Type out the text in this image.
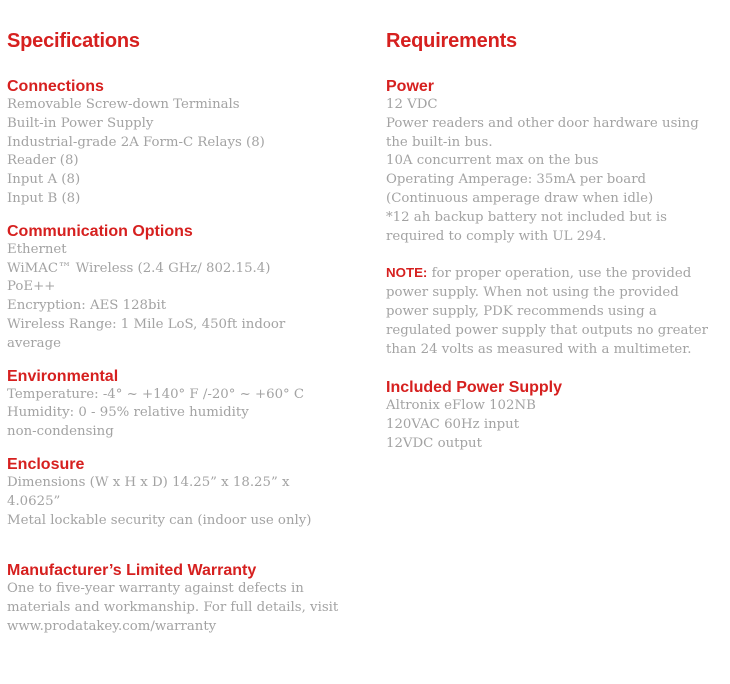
Specifications
Connections

Removable Screw-down Terminals

Built-in Power Supply

Industrial-grade 2A Form-C Relays (8)

Reader (8)

Input A (8)

Input B (8)

Communication Options

Ethernet

WiMAC™ Wireless (2.4 GHz/ 802.15.4)

PoE++

Encryption: AES 128bit

Wireless Range: 1 Mile LoS, 450ft indoor

average

Environmental

Temperature: -4° ~ +140° F /-20° ~ +60° C

Humidity: 0 - 95% relative humidity

non-condensing

Enclosure

Dimensions (W x H x D) 14.25” x 18.25” x

4.0625”

Metal lockable security can (indoor use only)

Manufacturer’s Limited Warranty

One to five-year warranty against defects in

materials and workmanship. For full details, visit

www.prodatakey.com/warranty

Requirements
Power

12 VDC

Power readers and other door hardware using

the built-in bus.

10A concurrent max on the bus

Operating Amperage: 35mA per board

(Continuous amperage draw when idle)

*12 ah backup battery not included but is

required to comply with UL 294.

NOTE: for proper operation, use the provided

power supply. When not using the provided

power supply, PDK recommends using a

regulated power supply that outputs no greater

than 24 volts as measured with a multimeter.

Included Power Supply

Altronix eFlow 102NB

120VAC 60Hz input

12VDC output
